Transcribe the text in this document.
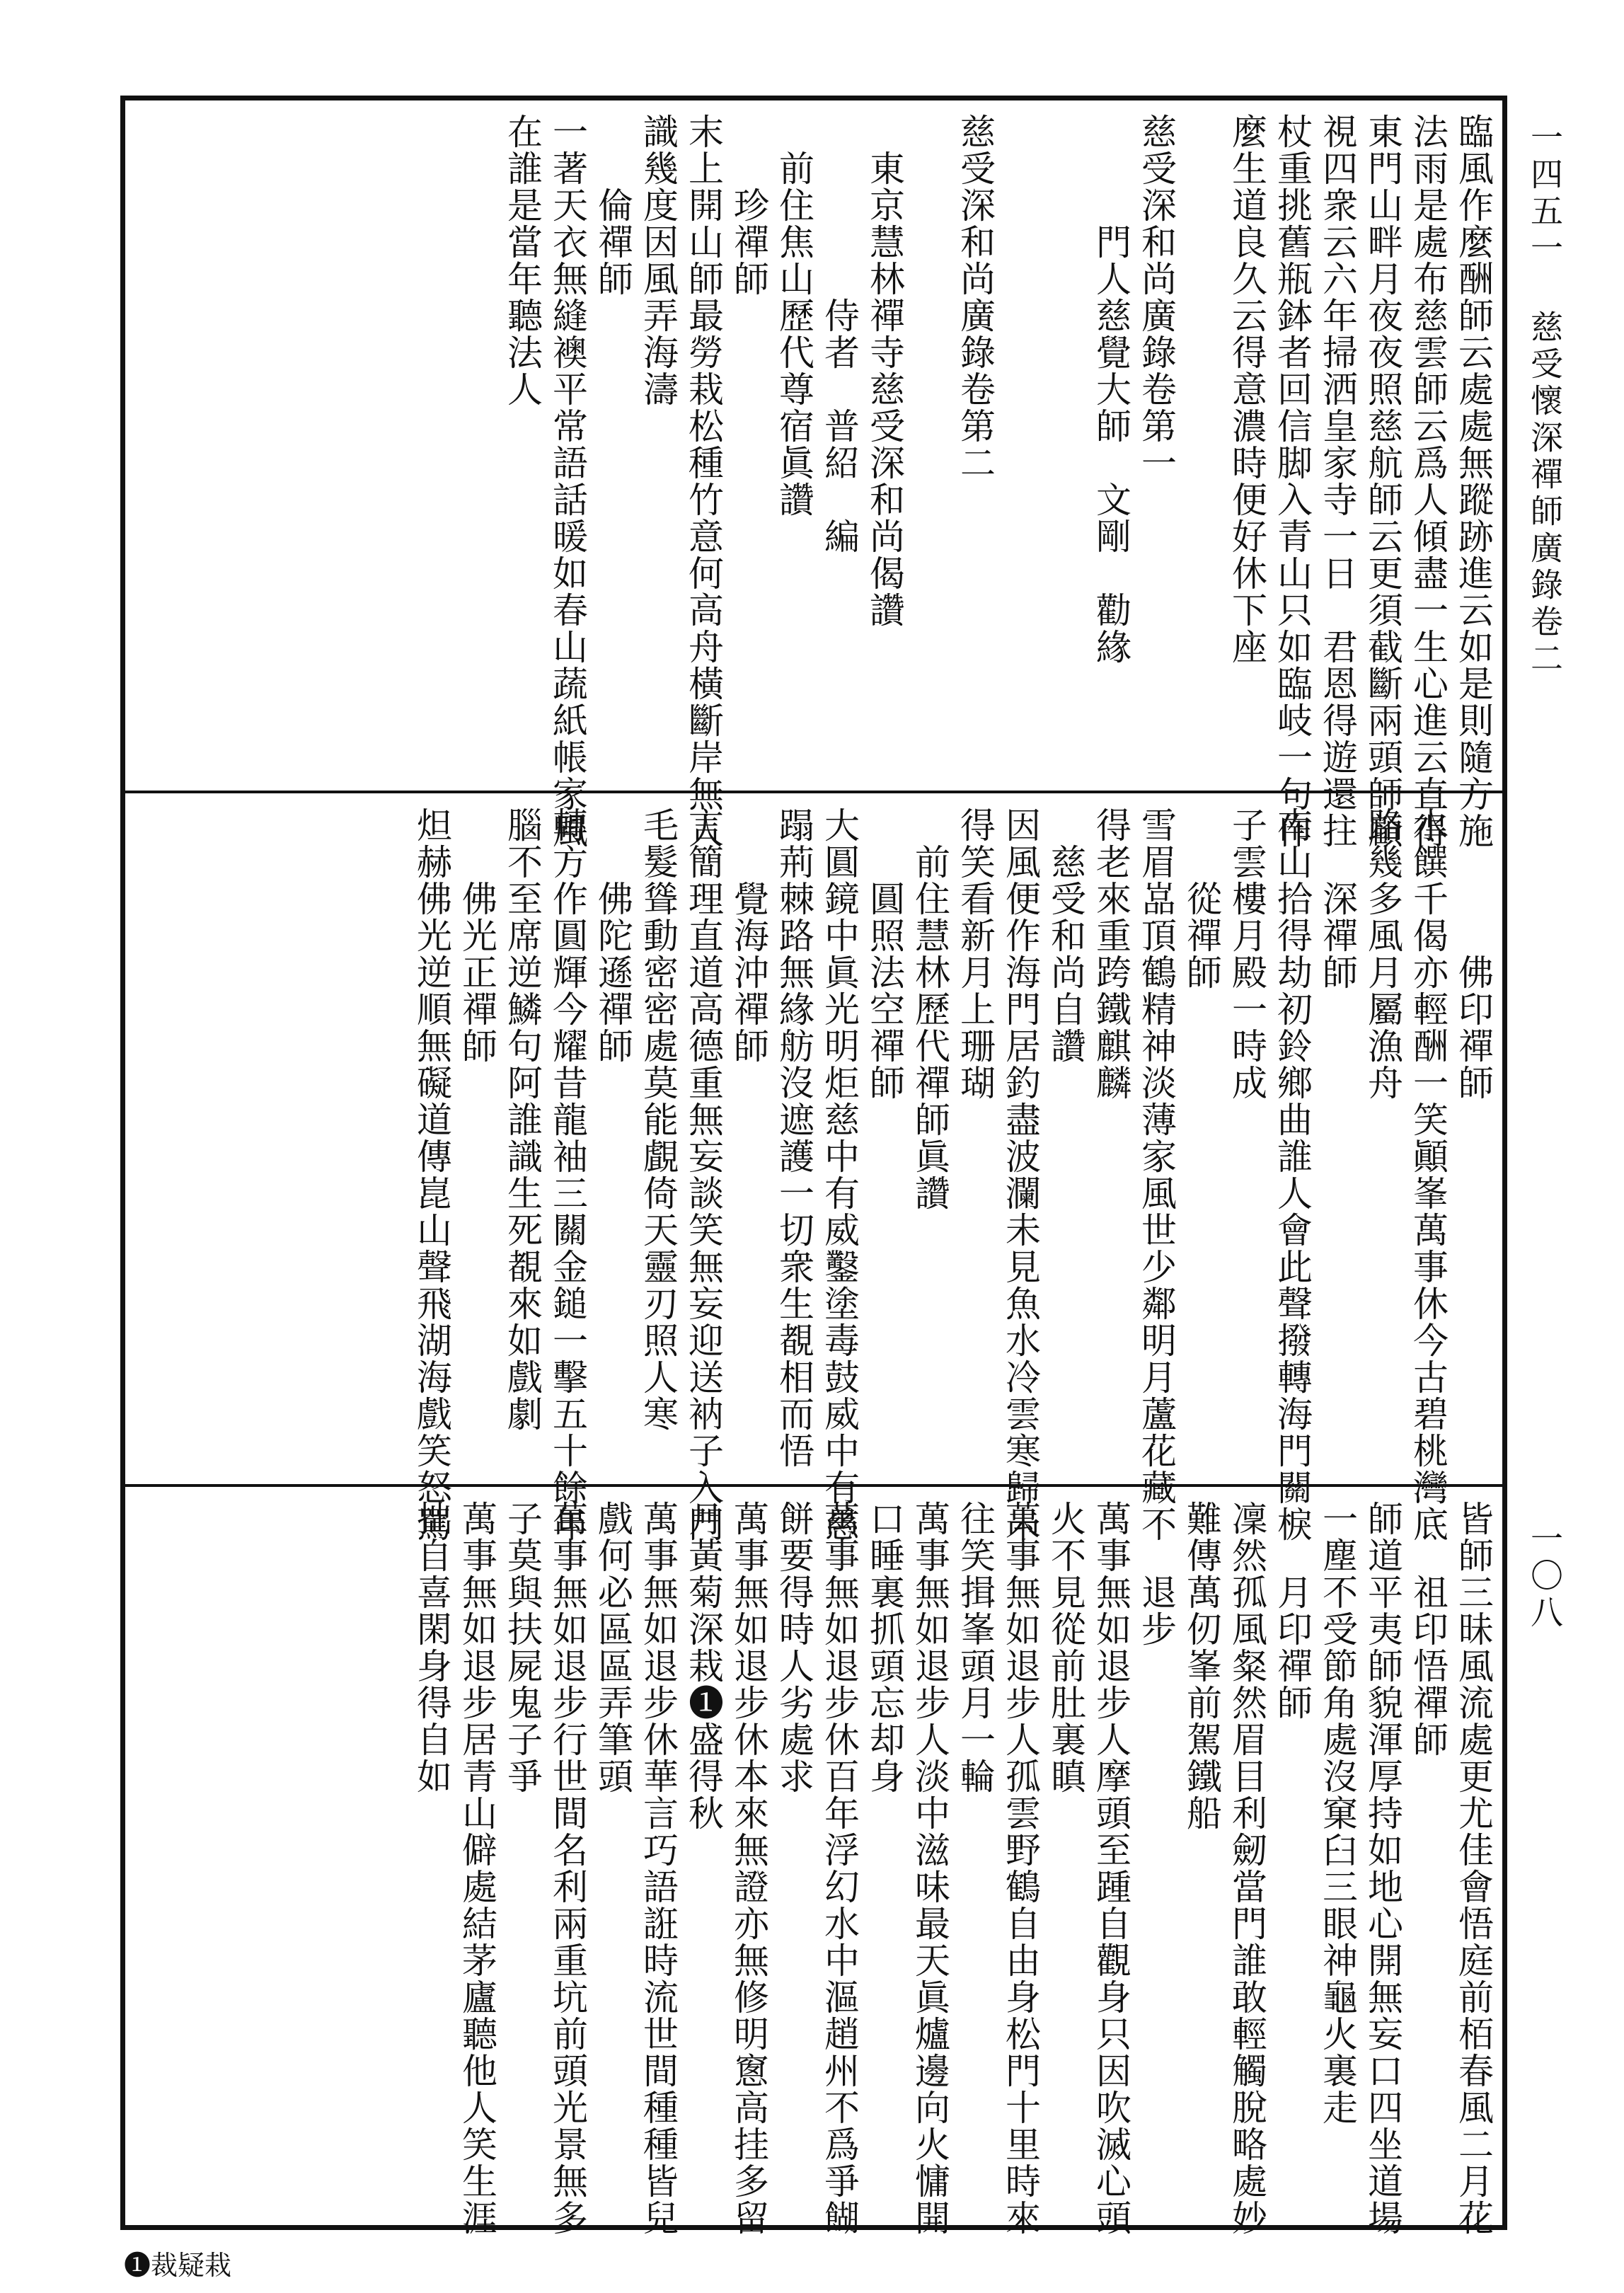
一四五一慈受懷深禪師廣錄卷二
一〇八
臨風作麼酬師云處處無蹤跡進云如是則隨方施
法雨是處布慈雲師云爲人傾盡一生心進云直得
東門山畔月夜夜照慈航師云更須截斷兩頭師顧
視四衆云六年掃洒皇家寺一日　君恩得遊還拄
杖重挑舊瓶鉢者回信脚入青山只如臨岐一句作
麼生道良久云得意濃時便好休下座
慈受深和尚廣錄卷第一
　　　門人慈覺大師　文剛　勸緣
慈受深和尚廣錄卷第二
　東京慧林禪寺慈受深和尚偈讚
　　　　　侍者　普紹　編
　前住焦山歷代尊宿眞讚
　　珍禪師
末上開山師最勞栽松種竹意何高舟橫斷岸無人
識幾度因風弄海濤
　　倫禪師
一著天衣無縫襖平常語話暖如春山蔬紙帳家風
在誰是當年聽法人
　　　　佛印禪師
水饌千偈亦輕酬一笑顚峯萬事休今古碧桃灣底
路幾多風月屬漁舟
　　深禪師
南山拾得劫初鈴鄉曲誰人會此聲撥轉海門關棙
子雲樓月殿一時成
　　從禪師
雪眉嵓頂鶴精神淡薄家風世少鄰明月蘆花藏不
得老來重跨鐵麒麟
　慈受和尚自讚
因風便作海門居釣盡波瀾未見魚水冷雲寒歸未
得笑看新月上珊瑚
　前住慧林歷代禪師眞讚
　　圓照法空禪師
大圓鏡中眞光明炬慈中有威鑿塗毒鼓威中有慈
蹋荊棘路無緣舫沒遮護一切衆生覩相而悟
　　覺海沖禪師
言簡理直道高德重無妄談笑無妄迎送衲子入門
毛髮聳動密密處莫能覰倚天靈刃照人寒
　　佛陀遜禪師
轉方作圓輝今耀昔龍袖三關金鎚一擊五十餘年
腦不至席逆鱗句阿誰識生死覩來如戲劇
　　佛光正禪師
炟赫佛光逆順無礙道傳崑山聲飛湖海戲笑怒罵
皆師三昧風流處更尤佳會悟庭前栢春風二月花
　　祖印悟禪師
師道平夷師貌渾厚持如地心開無妄口四坐道場
一塵不受節角處沒窠臼三眼神龜火裏走
　　月印禪師
凜然孤風粲然眉目利劒當門誰敢輕觸脫略處妙
難傳萬仞峯前駕鐵船
　　退步
萬事無如退步人摩頭至踵自觀身只因吹滅心頭
火不見從前肚裏瞋
萬事無如退步人孤雲野鶴自由身松門十里時來
往笑揖峯頭月一輪
萬事無如退步人淡中滋味最天眞爐邊向火慵開
口睡裏抓頭忘却身
萬事無如退步休百年浮幻水中漚趙州不爲爭餬
餅要得時人劣處求
萬事無如退步休本來無證亦無修明窻高挂多留
月黃菊深栽❶盛得秋
萬事無如退步休華言巧語誑時流世間種種皆兒
戲何必區區弄筆頭
萬事無如退步行世間名利兩重坑前頭光景無多
子莫與扶屍鬼子爭
萬事無如退步居青山僻處結茅廬聽他人笑生涯
拙自喜閑身得自如
❶裁疑栽
